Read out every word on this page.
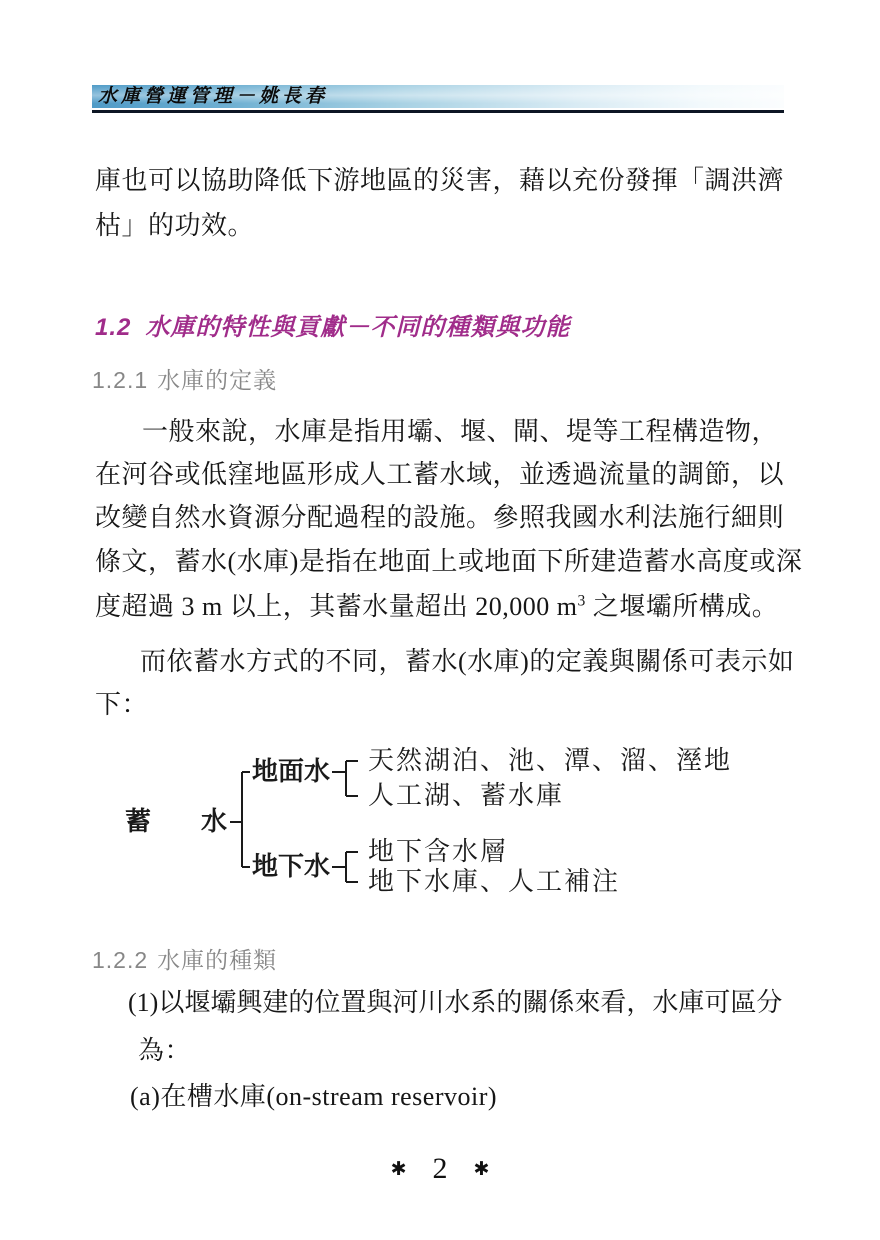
水庫營運管理－姚長春
庫也可以協助降低下游地區的災害，藉以充份發揮「調洪濟
枯」的功效。
1.2 水庫的特性與貢獻－不同的種類與功能
1.2.1 水庫的定義
一般來說，水庫是指用壩、堰、閘、堤等工程構造物，
在河谷或低窪地區形成人工蓄水域，並透過流量的調節，以
改變自然水資源分配過程的設施。參照我國水利法施行細則
條文，蓄水(水庫)是指在地面上或地面下所建造蓄水高度或深
度超過 3 m 以上，其蓄水量超出 20,000 $m^3$ 之堰壩所構成。
而依蓄水方式的不同，蓄水(水庫)的定義與關係可表示如
下：
蓄　水
地面水 天然湖泊、池、潭、溜、溼地
人工湖、蓄水庫
地下水
地下含水層
地下水庫、人工補注
1.2.2 水庫的種類
(1)以堰壩興建的位置與河川水系的關係來看，水庫可區分
為：
(a)在槽水庫(on-stream reservoir)
✱ 2 ✱
